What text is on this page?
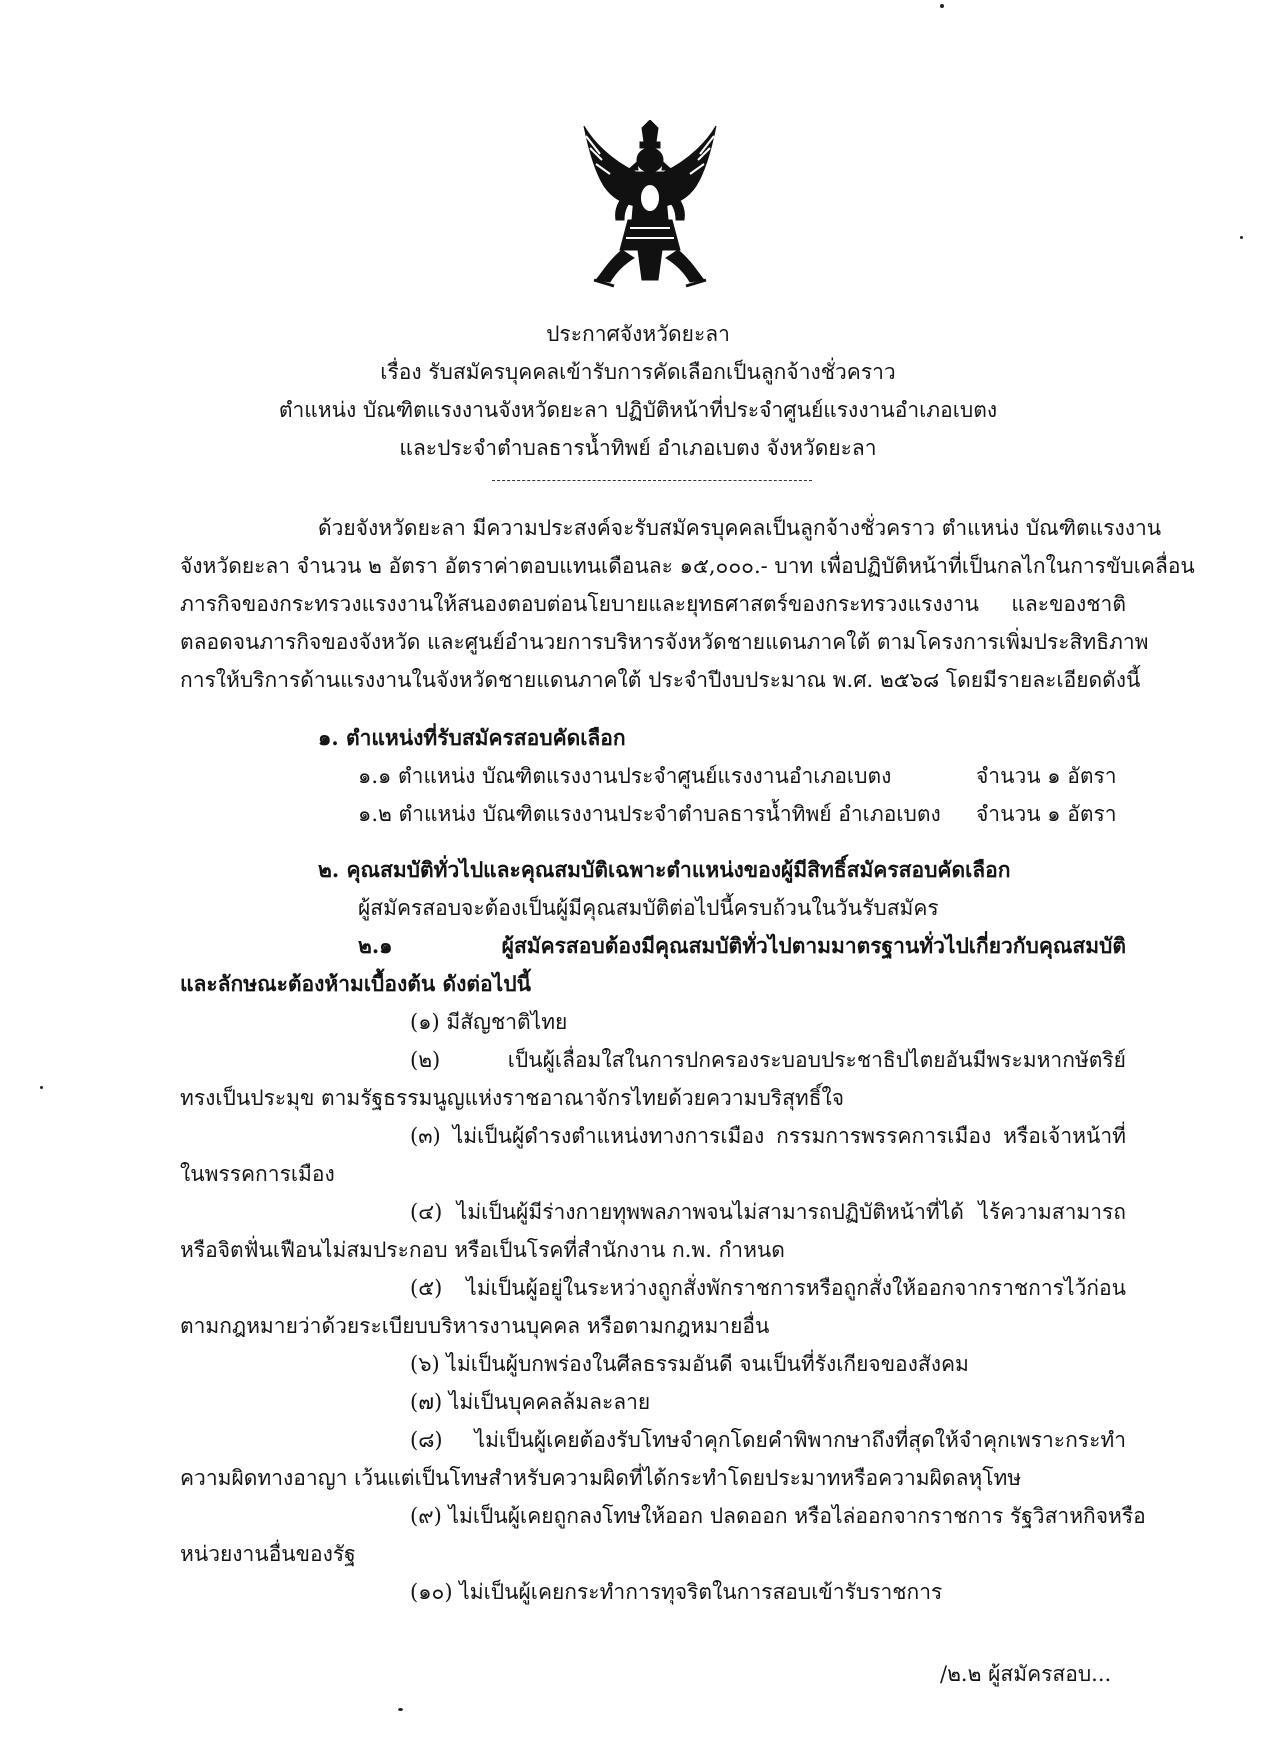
ประกาศจังหวัดยะลา
เรื่อง รับสมัครบุคคลเข้ารับการคัดเลือกเป็นลูกจ้างชั่วคราว
ตำแหน่ง บัณฑิตแรงงานจังหวัดยะลา ปฏิบัติหน้าที่ประจำศูนย์แรงงานอำเภอเบตง
และประจำตำบลธารน้ำทิพย์ อำเภอเบตง จังหวัดยะลา
ด้วยจังหวัดยะลา มีความประสงค์จะรับสมัครบุคคลเป็นลูกจ้างชั่วคราว ตำแหน่ง บัณฑิตแรงงาน
จังหวัดยะลา จำนวน ๒ อัตรา อัตราค่าตอบแทนเดือนละ ๑๕,๐๐๐.- บาท เพื่อปฏิบัติหน้าที่เป็นกลไกในการขับเคลื่อน
ภารกิจของกระทรวงแรงงานให้สนองตอบต่อนโยบายและยุทธศาสตร์ของกระทรวงแรงงาน และของชาติ
ตลอดจนภารกิจของจังหวัด และศูนย์อำนวยการบริหารจังหวัดชายแดนภาคใต้ ตามโครงการเพิ่มประสิทธิภาพ
การให้บริการด้านแรงงานในจังหวัดชายแดนภาคใต้ ประจำปีงบประมาณ พ.ศ. ๒๕๖๘ โดยมีรายละเอียดดังนี้
๑. ตำแหน่งที่รับสมัครสอบคัดเลือก
๑.๑ ตำแหน่ง บัณฑิตแรงงานประจำศูนย์แรงงานอำเภอเบตง	จำนวน ๑ อัตรา
๑.๒ ตำแหน่ง บัณฑิตแรงงานประจำตำบลธารน้ำทิพย์ อำเภอเบตง จำนวน ๑ อัตรา
๒. คุณสมบัติทั่วไปและคุณสมบัติเฉพาะตำแหน่งของผู้มีสิทธิ์สมัครสอบคัดเลือก
ผู้สมัครสอบจะต้องเป็นผู้มีคุณสมบัติต่อไปนี้ครบถ้วนในวันรับสมัคร
๒.๑ ผู้สมัครสอบต้องมีคุณสมบัติทั่วไปตามมาตรฐานทั่วไปเกี่ยวกับคุณสมบัติ
และลักษณะต้องห้ามเบื้องต้น ดังต่อไปนี้
(๑) มีสัญชาติไทย
(๒) เป็นผู้เลื่อมใสในการปกครองระบอบประชาธิปไตยอันมีพระมหากษัตริย์
ทรงเป็นประมุข ตามรัฐธรรมนูญแห่งราชอาณาจักรไทยด้วยความบริสุทธิ์ใจ
(๓) ไม่เป็นผู้ดำรงตำแหน่งทางการเมือง กรรมการพรรคการเมือง หรือเจ้าหน้าที่
ในพรรคการเมือง
(๔) ไม่เป็นผู้มีร่างกายทุพพลภาพจนไม่สามารถปฏิบัติหน้าที่ได้ ไร้ความสามารถ
หรือจิตฟั่นเฟือนไม่สมประกอบ หรือเป็นโรคที่สำนักงาน ก.พ. กำหนด
(๕) ไม่เป็นผู้อยู่ในระหว่างถูกสั่งพักราชการหรือถูกสั่งให้ออกจากราชการไว้ก่อน
ตามกฎหมายว่าด้วยระเบียบบริหารงานบุคคล หรือตามกฎหมายอื่น
(๖) ไม่เป็นผู้บกพร่องในศีลธรรมอันดี จนเป็นที่รังเกียจของสังคม
(๗) ไม่เป็นบุคคลล้มละลาย
(๘) ไม่เป็นผู้เคยต้องรับโทษจำคุกโดยคำพิพากษาถึงที่สุดให้จำคุกเพราะกระทำ
ความผิดทางอาญา เว้นแต่เป็นโทษสำหรับความผิดที่ได้กระทำโดยประมาทหรือความผิดลหุโทษ
(๙) ไม่เป็นผู้เคยถูกลงโทษให้ออก ปลดออก หรือไล่ออกจากราชการ รัฐวิสาหกิจหรือ
หน่วยงานอื่นของรัฐ
(๑๐) ไม่เป็นผู้เคยกระทำการทุจริตในการสอบเข้ารับราชการ
/๒.๒ ผู้สมัครสอบ...
